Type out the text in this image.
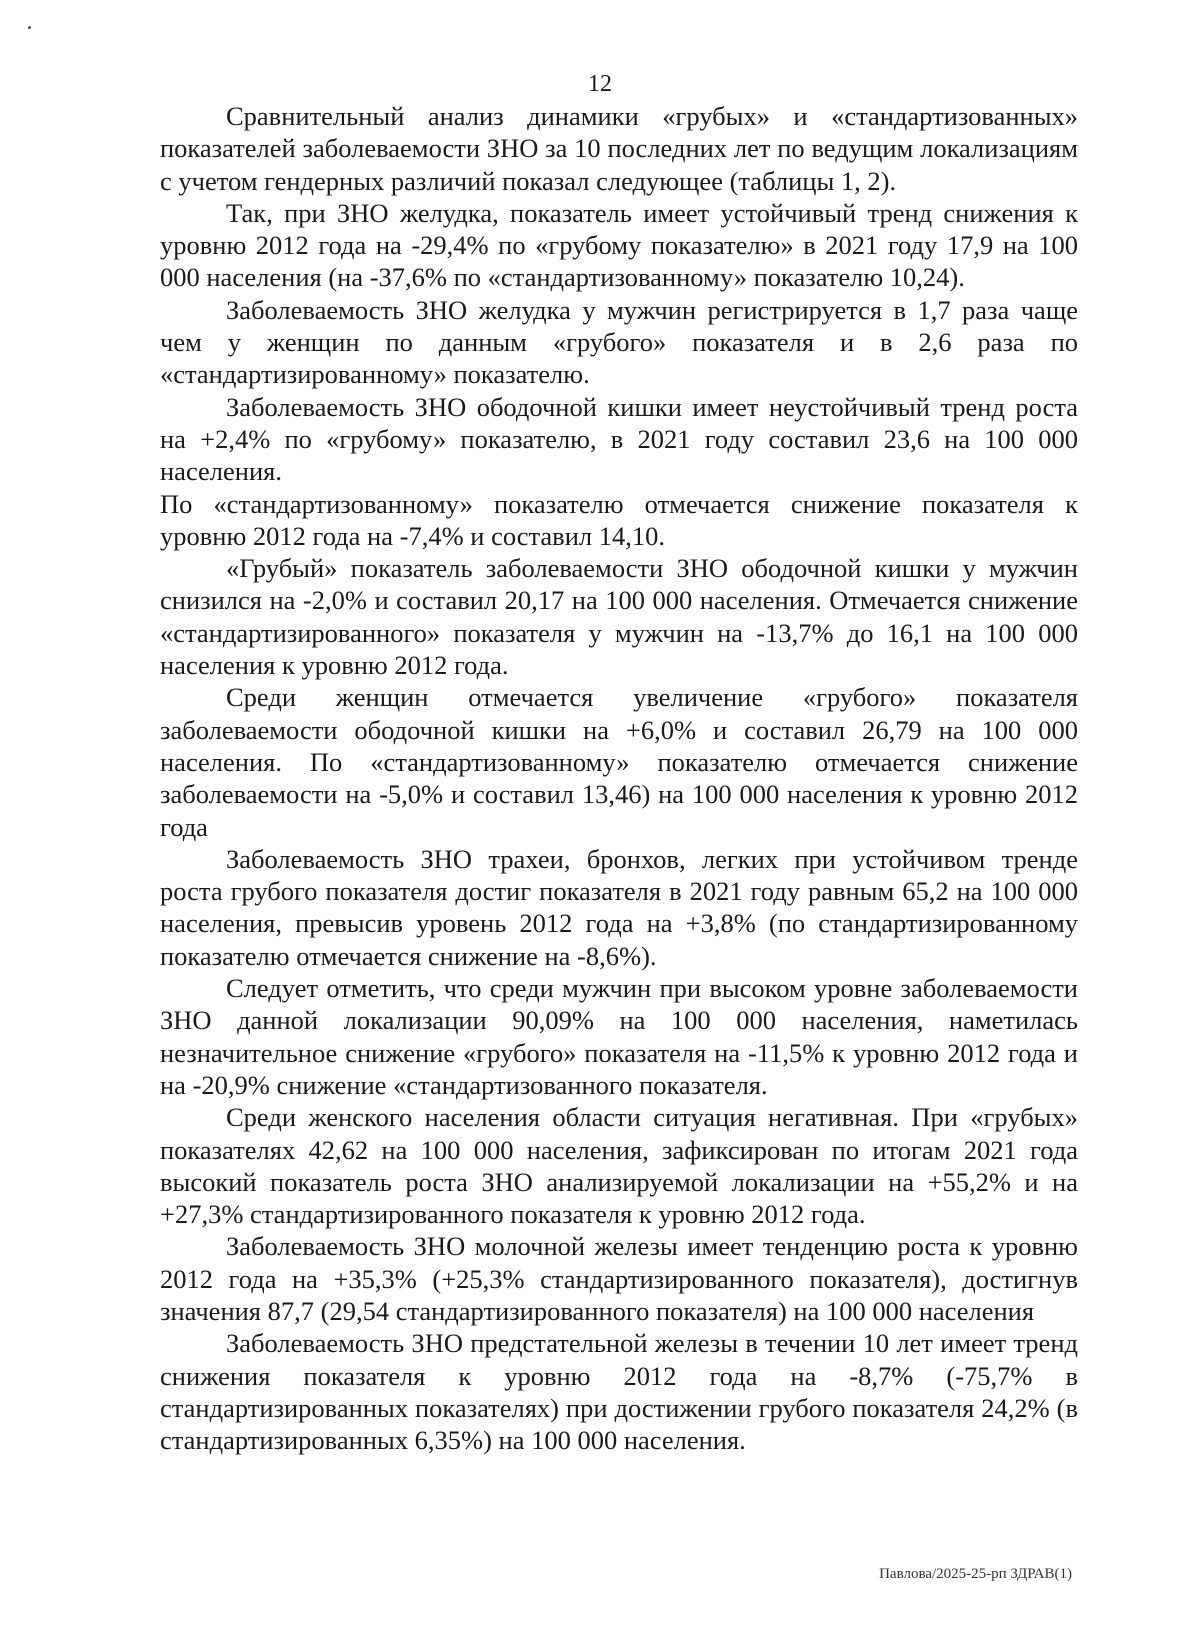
12

Сравнительный анализ динамики «грубых» и «стандартизованных» показателей заболеваемости ЗНО за 10 последних лет по ведущим локализациям с учетом гендерных различий показал следующее (таблицы 1, 2).

Так, при ЗНО желудка, показатель имеет устойчивый тренд снижения к уровню 2012 года на -29,4% по «грубому показателю» в 2021 году 17,9 на 100 000 населения (на -37,6% по «стандартизованному» показателю 10,24).

Заболеваемость ЗНО желудка у мужчин регистрируется в 1,7 раза чаще чем у женщин по данным «грубого» показателя и в 2,6 раза по «стандартизированному» показателю.

Заболеваемость ЗНО ободочной кишки имеет неустойчивый тренд роста на +2,4% по «грубому» показателю, в 2021 году составил 23,6 на 100 000 населения.

По «стандартизованному» показателю отмечается снижение показателя к уровню 2012 года на -7,4% и составил 14,10.

«Грубый» показатель заболеваемости ЗНО ободочной кишки у мужчин снизился на -2,0% и составил 20,17 на 100 000 населения. Отмечается снижение «стандартизированного» показателя у мужчин на -13,7% до 16,1 на 100 000 населения к уровню 2012 года.

Среди женщин отмечается увеличение «грубого» показателя заболеваемости ободочной кишки на +6,0% и составил 26,79 на 100 000 населения. По «стандартизованному» показателю отмечается снижение заболеваемости на -5,0% и составил 13,46) на 100 000 населения к уровню 2012 года

Заболеваемость ЗНО трахеи, бронхов, легких при устойчивом тренде роста грубого показателя достиг показателя в 2021 году равным 65,2 на 100 000 населения, превысив уровень 2012 года на +3,8% (по стандартизированному показателю отмечается снижение на -8,6%).

Следует отметить, что среди мужчин при высоком уровне заболеваемости ЗНО данной локализации 90,09% на 100 000 населения, наметилась незначительное снижение «грубого» показателя на -11,5% к уровню 2012 года и на -20,9% снижение «стандартизованного показателя.

Среди женского населения области ситуация негативная. При «грубых» показателях 42,62 на 100 000 населения, зафиксирован по итогам 2021 года высокий показатель роста ЗНО анализируемой локализации на +55,2% и на +27,3% стандартизированного показателя к уровню 2012 года.

Заболеваемость ЗНО молочной железы имеет тенденцию роста к уровню 2012 года на +35,3% (+25,3% стандартизированного показателя), достигнув значения 87,7 (29,54 стандартизированного показателя) на 100 000 населения

Заболеваемость ЗНО предстательной железы в течении 10 лет имеет тренд снижения показателя к уровню 2012 года на -8,7% (-75,7% в стандартизированных показателях) при достижении грубого показателя 24,2% (в стандартизированных 6,35%) на 100 000 населения.

Павлова/2025-25-рп ЗДРАВ(1)
